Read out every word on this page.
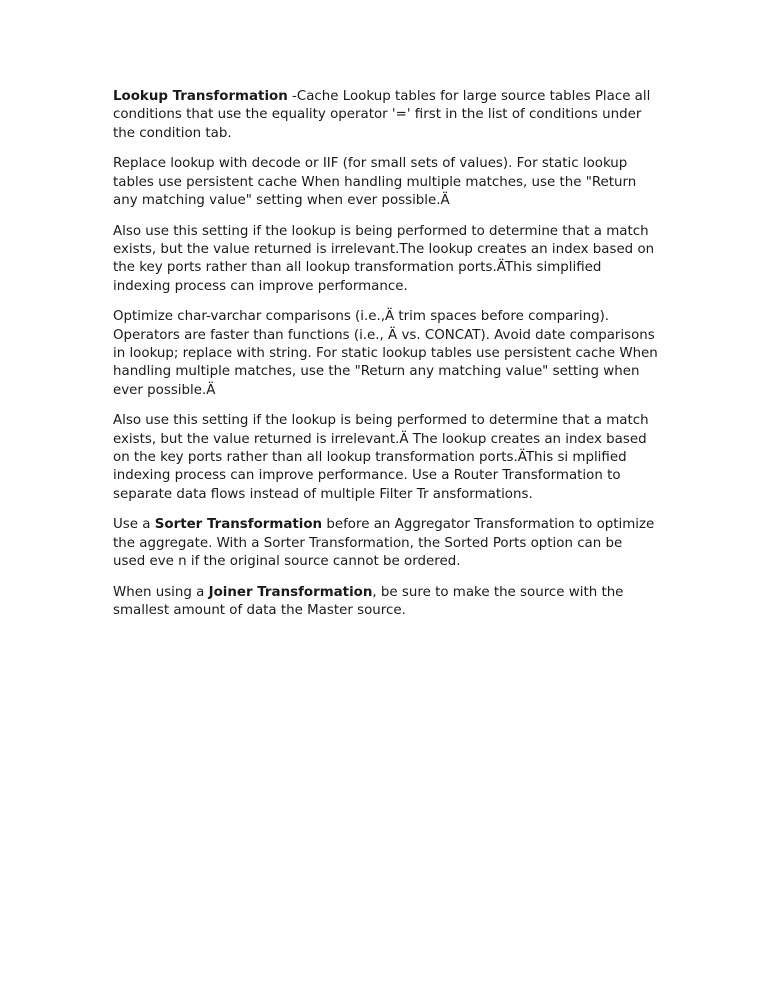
Lookup Transformation -Cache Lookup tables for large source tables Place all conditions that use the equality operator '=' first in the list of conditions under the condition tab.

Replace lookup with decode or IIF (for small sets of values). For static lookup tables use persistent cache When handling multiple matches, use the "Return any matching value" setting when ever possible.Ä

Also use this setting if the lookup is being performed to determine that a match exists, but the value returned is irrelevant.The lookup creates an index based on the key ports rather than all lookup transformation ports.ÄThis simplified indexing process can improve performance.

Optimize char-varchar comparisons (i.e.,Ä trim spaces before comparing). Operators are faster than functions (i.e., Ä vs. CONCAT). Avoid date comparisons in lookup; replace with string. For static lookup tables use persistent cache When handling multiple matches, use the "Return any matching value" setting when ever possible.Ä

Also use this setting if the lookup is being performed to determine that a match exists, but the value returned is irrelevant.Ä The lookup creates an index based on the key ports rather than all lookup transformation ports.ÄThis si mplified indexing process can improve performance. Use a Router Transformation to separate data flows instead of multiple Filter Tr ansformations.

Use a Sorter Transformation before an Aggregator Transformation to optimize the aggregate. With a Sorter Transformation, the Sorted Ports option can be used eve n if the original source cannot be ordered.

When using a Joiner Transformation, be sure to make the source with the smallest amount of data the Master source.
